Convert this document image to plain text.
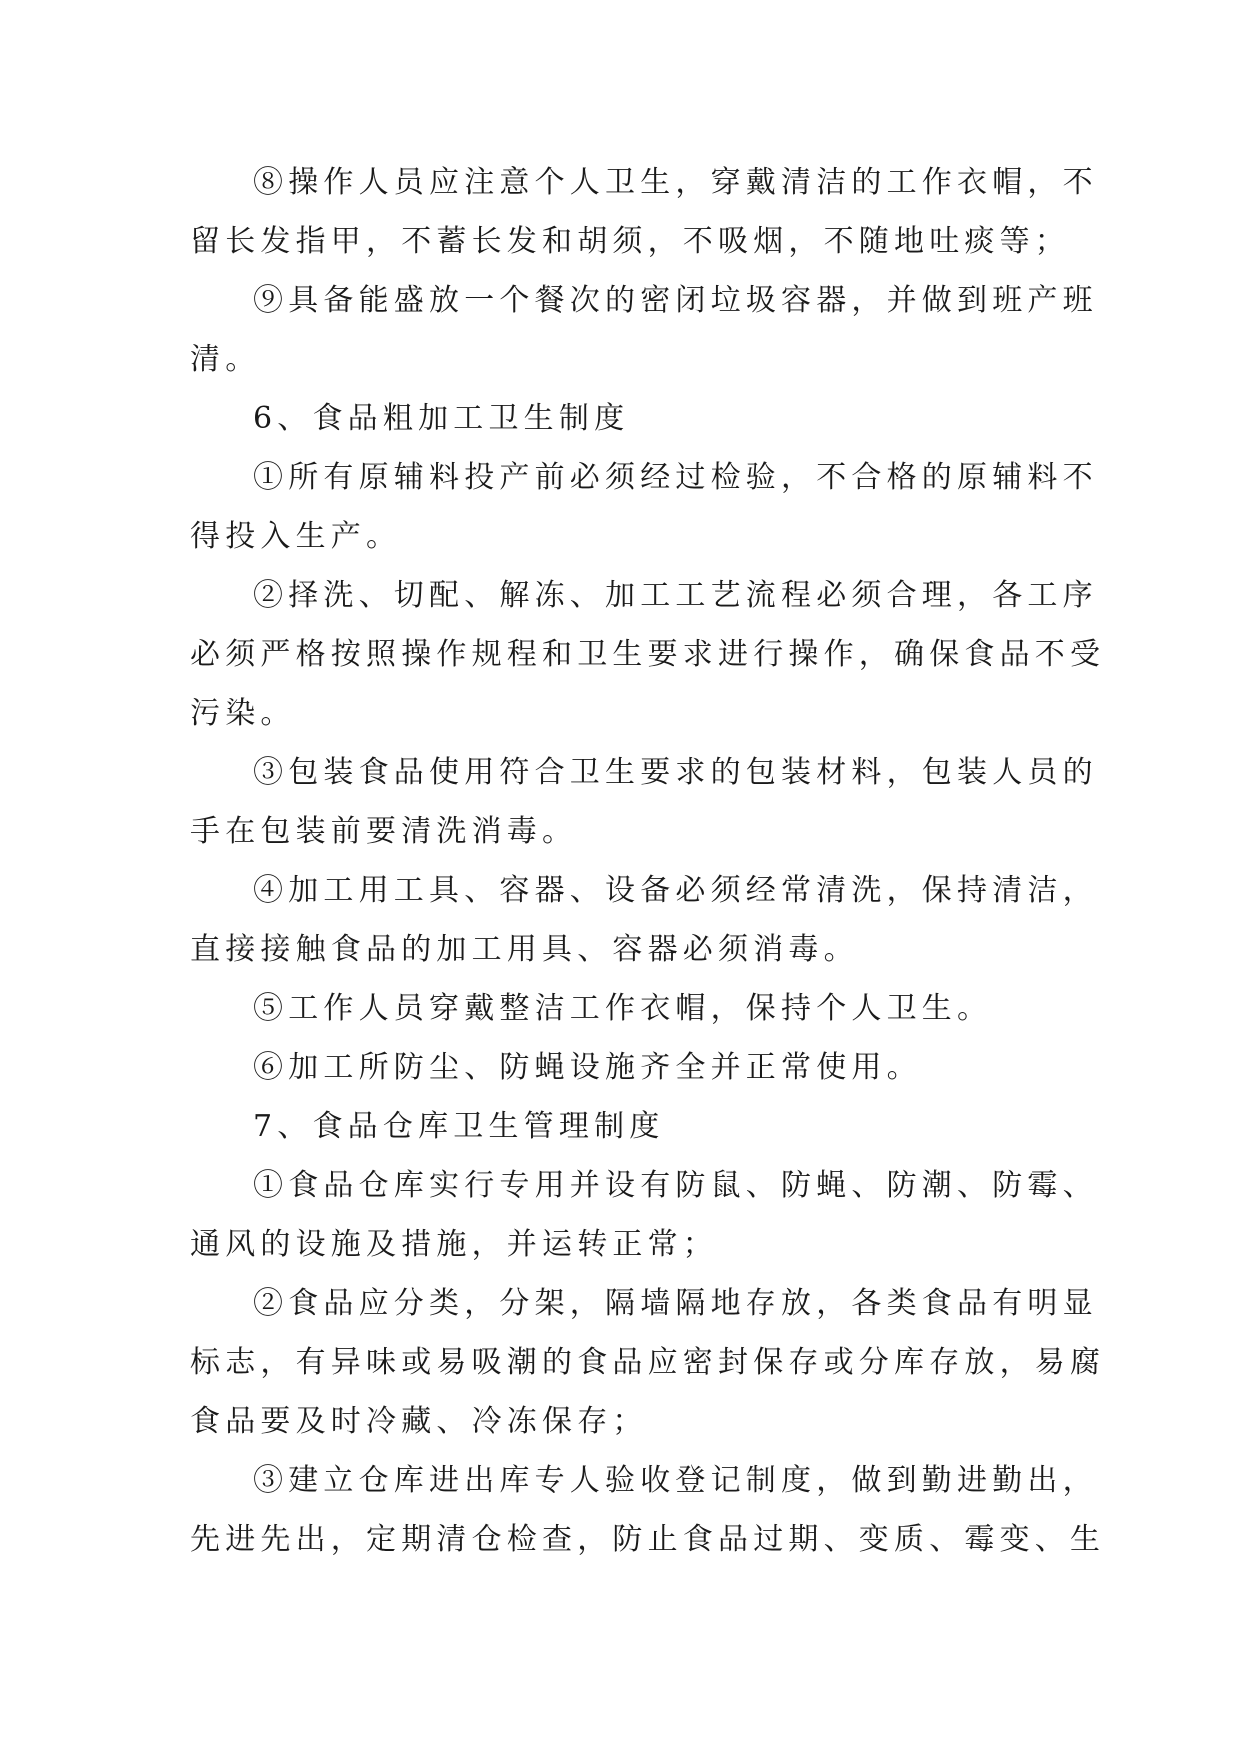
⑧操作人员应注意个人卫生，穿戴清洁的工作衣帽，不
留长发指甲，不蓄长发和胡须，不吸烟，不随地吐痰等；
⑨具备能盛放一个餐次的密闭垃圾容器，并做到班产班
清。
6、食品粗加工卫生制度
①所有原辅料投产前必须经过检验，不合格的原辅料不
得投入生产。
②择洗、切配、解冻、加工工艺流程必须合理，各工序
必须严格按照操作规程和卫生要求进行操作，确保食品不受
污染。
③包装食品使用符合卫生要求的包装材料，包装人员的
手在包装前要清洗消毒。
④加工用工具、容器、设备必须经常清洗，保持清洁，
直接接触食品的加工用具、容器必须消毒。
⑤工作人员穿戴整洁工作衣帽，保持个人卫生。
⑥加工所防尘、防蝇设施齐全并正常使用。
7、食品仓库卫生管理制度
①食品仓库实行专用并设有防鼠、防蝇、防潮、防霉、
通风的设施及措施，并运转正常；
②食品应分类，分架，隔墙隔地存放，各类食品有明显
标志，有异味或易吸潮的食品应密封保存或分库存放，易腐
食品要及时冷藏、冷冻保存；
③建立仓库进出库专人验收登记制度，做到勤进勤出，
先进先出，定期清仓检查，防止食品过期、变质、霉变、生
